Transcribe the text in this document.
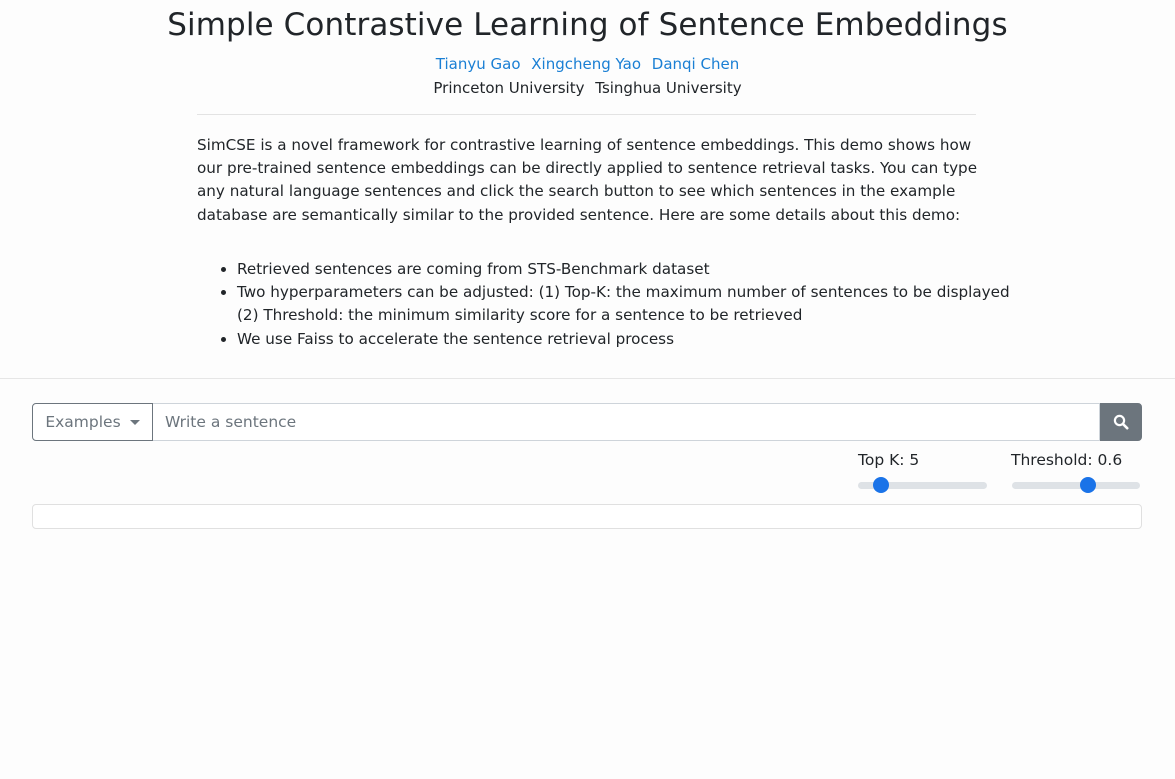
Simple Contrastive Learning of Sentence Embeddings
Tianyu Gao Xingcheng Yao Danqi Chen
Princeton University Tsinghua University

SimCSE is a novel framework for contrastive learning of sentence embeddings. This demo shows how our pre-trained sentence embeddings can be directly applied to sentence retrieval tasks. You can type any natural language sentences and click the search button to see which sentences in the example database are semantically similar to the provided sentence. Here are some details about this demo:

• Retrieved sentences are coming from STS-Benchmark dataset
• Two hyperparameters can be adjusted: (1) Top-K: the maximum number of sentences to be displayed (2) Threshold: the minimum similarity score for a sentence to be retrieved
• We use Faiss to accelerate the sentence retrieval process
Examples
Write a sentence
Top K: 5	Threshold: 0.6
